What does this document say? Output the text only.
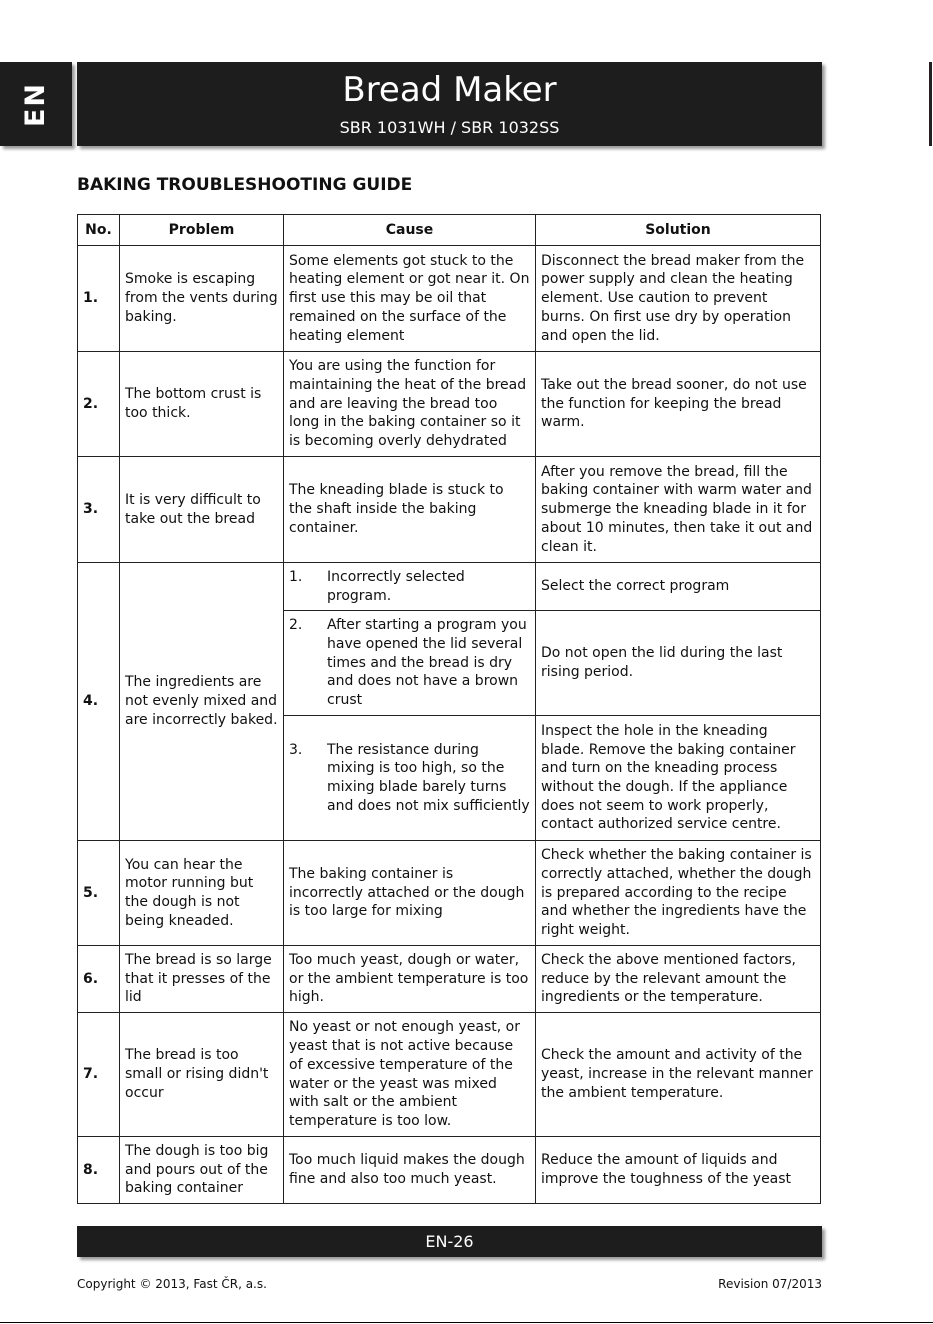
EN	Bread Maker
SBR 1031WH / SBR 1032SS
BAKING TROUBLESHOOTING GUIDE
No.	Problem	Cause	Solution
1.	Smoke is escaping from the vents during baking.	Some elements got stuck to the heating element or got near it. On first use this may be oil that remained on the surface of the heating element	Disconnect the bread maker from the power supply and clean the heating element. Use caution to prevent burns. On first use dry by operation and open the lid.
2.	The bottom crust is too thick.	You are using the function for maintaining the heat of the bread and are leaving the bread too long in the baking container so it is becoming overly dehydrated	Take out the bread sooner, do not use the function for keeping the bread warm.
3.	It is very difficult to take out the bread	The kneading blade is stuck to the shaft inside the baking container.	After you remove the bread, fill the baking container with warm water and submerge the kneading blade in it for about 10 minutes, then take it out and clean it.
4.	The ingredients are not evenly mixed and are incorrectly baked.	1. Incorrectly selected program.	Select the correct program

		2. After starting a program you have opened the lid several times and the bread is dry and does not have a brown crust	Do not open the lid during the last rising period.

		3. The resistance during mixing is too high, so the mixing blade barely turns and does not mix sufficiently	Inspect the hole in the kneading blade. Remove the baking container and turn on the kneading process without the dough. If the appliance does not seem to work properly, contact authorized service centre.
5.	You can hear the motor running but the dough is not being kneaded.	The baking container is incorrectly attached or the dough is too large for mixing	Check whether the baking container is correctly attached, whether the dough is prepared according to the recipe and whether the ingredients have the right weight.
6.	The bread is so large that it presses of the lid	Too much yeast, dough or water, or the ambient temperature is too high.	Check the above mentioned factors, reduce by the relevant amount the ingredients or the temperature.
7.	The bread is too small or rising didn't occur	No yeast or not enough yeast, or yeast that is not active because of excessive temperature of the water or the yeast was mixed with salt or the ambient temperature is too low.	Check the amount and activity of the yeast, increase in the relevant manner the ambient temperature.
8.	The dough is too big and pours out of the baking container	Too much liquid makes the dough fine and also too much yeast.	Reduce the amount of liquids and improve the toughness of the yeast
EN-26
Copyright © 2013, Fast ČR, a.s.	Revision 07/2013
